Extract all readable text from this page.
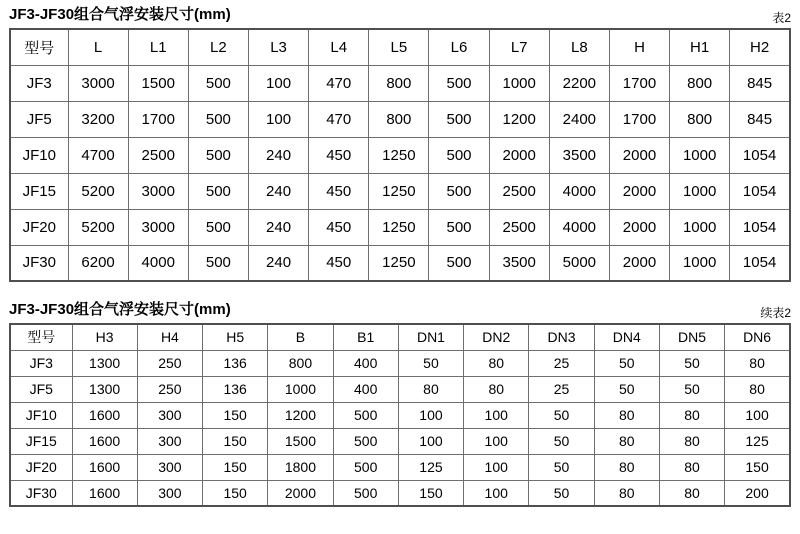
JF3-JF30组合气浮安装尺寸(mm)	表2
型号	L	L1	L2	L3	L4	L5	L6	L7	L8	H	H1	H2
JF3	3000	1500	500	100	470	800	500	1000	2200	1700	800	845
JF5	3200	1700	500	100	470	800	500	1200	2400	1700	800	845
JF10	4700	2500	500	240	450	1250	500	2000	3500	2000	1000	1054
JF15	5200	3000	500	240	450	1250	500	2500	4000	2000	1000	1054
JF20	5200	3000	500	240	450	1250	500	2500	4000	2000	1000	1054
JF30	6200	4000	500	240	450	1250	500	3500	5000	2000	1000	1054
JF3-JF30组合气浮安装尺寸(mm)	续表2
型号	H3	H4	H5	B	B1	DN1	DN2	DN3	DN4	DN5	DN6
JF3	1300	250	136	800	400	50	80	25	50	50	80
JF5	1300	250	136	1000	400	80	80	25	50	50	80
JF10	1600	300	150	1200	500	100	100	50	80	80	100
JF15	1600	300	150	1500	500	100	100	50	80	80	125
JF20	1600	300	150	1800	500	125	100	50	80	80	150
JF30	1600	300	150	2000	500	150	100	50	80	80	200
